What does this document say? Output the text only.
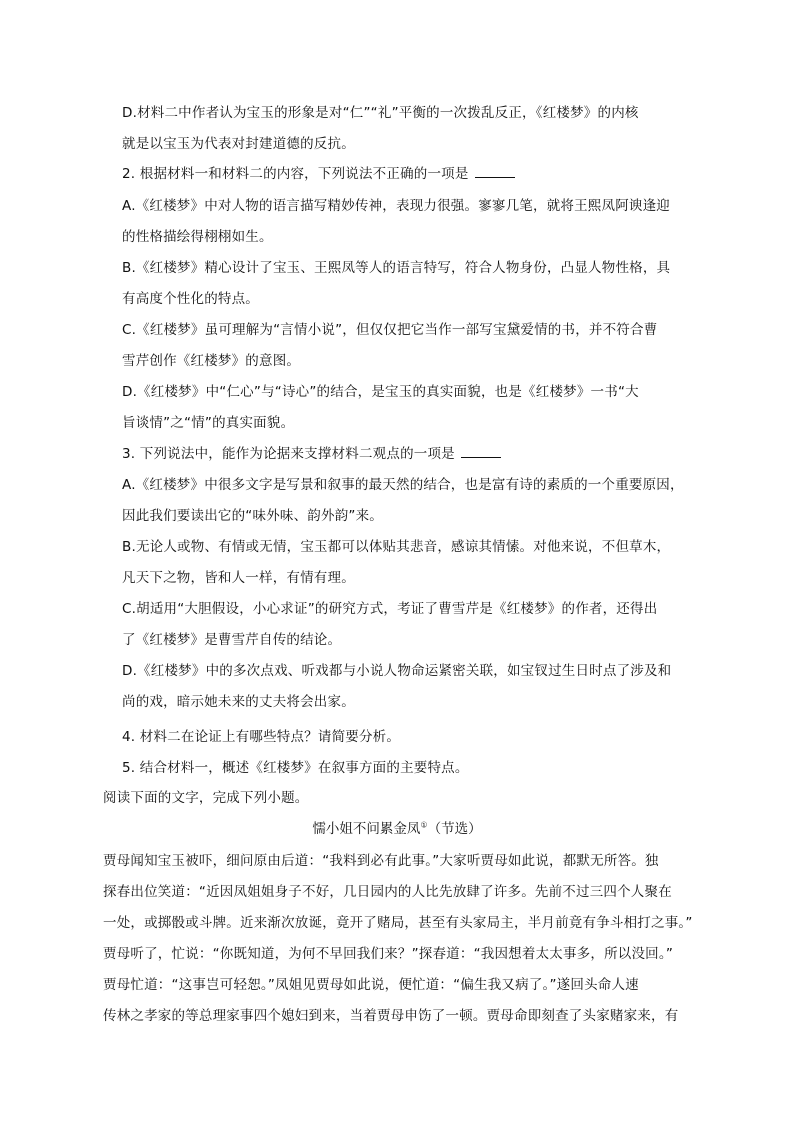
D.材料二中作者认为宝玉的形象是对“仁”“礼”平衡的一次拨乱反正，《红楼梦》的内核
就是以宝玉为代表对封建道德的反抗。
2. 根据材料一和材料二的内容，下列说法不正确的一项是
A.《红楼梦》中对人物的语言描写精妙传神，表现力很强。寥寥几笔，就将王熙凤阿谀逢迎
的性格描绘得栩栩如生。
B.《红楼梦》精心设计了宝玉、王熙凤等人的语言特写，符合人物身份，凸显人物性格，具
有高度个性化的特点。
C.《红楼梦》虽可理解为“言情小说”，但仅仅把它当作一部写宝黛爱情的书，并不符合曹
雪芹创作《红楼梦》的意图。
D.《红楼梦》中“仁心”与“诗心”的结合，是宝玉的真实面貌，也是《红楼梦》一书“大
旨谈情”之“情”的真实面貌。
3. 下列说法中，能作为论据来支撑材料二观点的一项是
A.《红楼梦》中很多文字是写景和叙事的最天然的结合，也是富有诗的素质的一个重要原因，
因此我们要读出它的“味外味、韵外韵”来。
B.无论人或物、有情或无情，宝玉都可以体贴其悲音，感谅其情愫。对他来说，不但草木，
凡天下之物，皆和人一样，有情有理。
C.胡适用“大胆假设，小心求证”的研究方式，考证了曹雪芹是《红楼梦》的作者，还得出
了《红楼梦》是曹雪芹自传的结论。
D.《红楼梦》中的多次点戏、听戏都与小说人物命运紧密关联，如宝钗过生日时点了涉及和
尚的戏，暗示她未来的丈夫将会出家。
4. 材料二在论证上有哪些特点？请简要分析。
5. 结合材料一，概述《红楼梦》在叙事方面的主要特点。
阅读下面的文字，完成下列小题。
懦小姐不问累金凤①（节选）
贾母闻知宝玉被吓，细问原由后道：“我料到必有此事。”大家听贾母如此说，都默无所答。独
探春出位笑道：“近因凤姐姐身子不好，几日园内的人比先放肆了许多。先前不过三四个人聚在
一处，或掷骰或斗牌。近来渐次放诞，竟开了赌局，甚至有头家局主，半月前竟有争斗相打之事。”
贾母听了，忙说：“你既知道，为何不早回我们来？”探春道：“我因想着太太事多，所以没回。”
贾母忙道：“这事岂可轻恕。”凤姐见贾母如此说，便忙道：“偏生我又病了。”遂回头命人速
传林之孝家的等总理家事四个媳妇到来，当着贾母申饬了一顿。贾母命即刻查了头家赌家来，有
